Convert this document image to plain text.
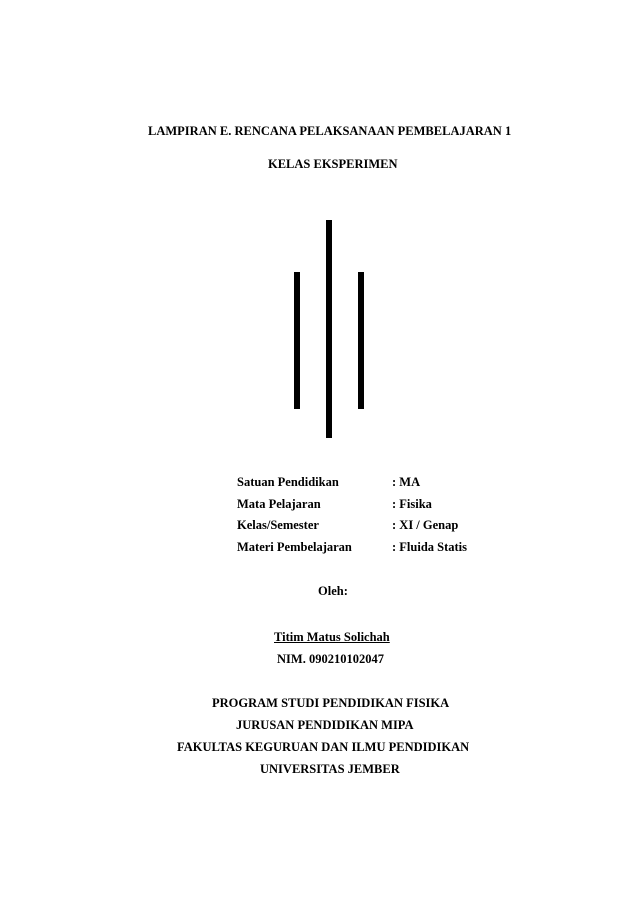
LAMPIRAN E. RENCANA PELAKSANAAN PEMBELAJARAN 1
KELAS EKSPERIMEN
Satuan Pendidikan	: MA
Mata Pelajaran	: Fisika
Kelas/Semester	: XI / Genap
Materi Pembelajaran	: Fluida Statis
Oleh:
Titim Matus Solichah
NIM. 090210102047
PROGRAM STUDI PENDIDIKAN FISIKA
JURUSAN PENDIDIKAN MIPA
FAKULTAS KEGURUAN DAN ILMU PENDIDIKAN
UNIVERSITAS JEMBER
